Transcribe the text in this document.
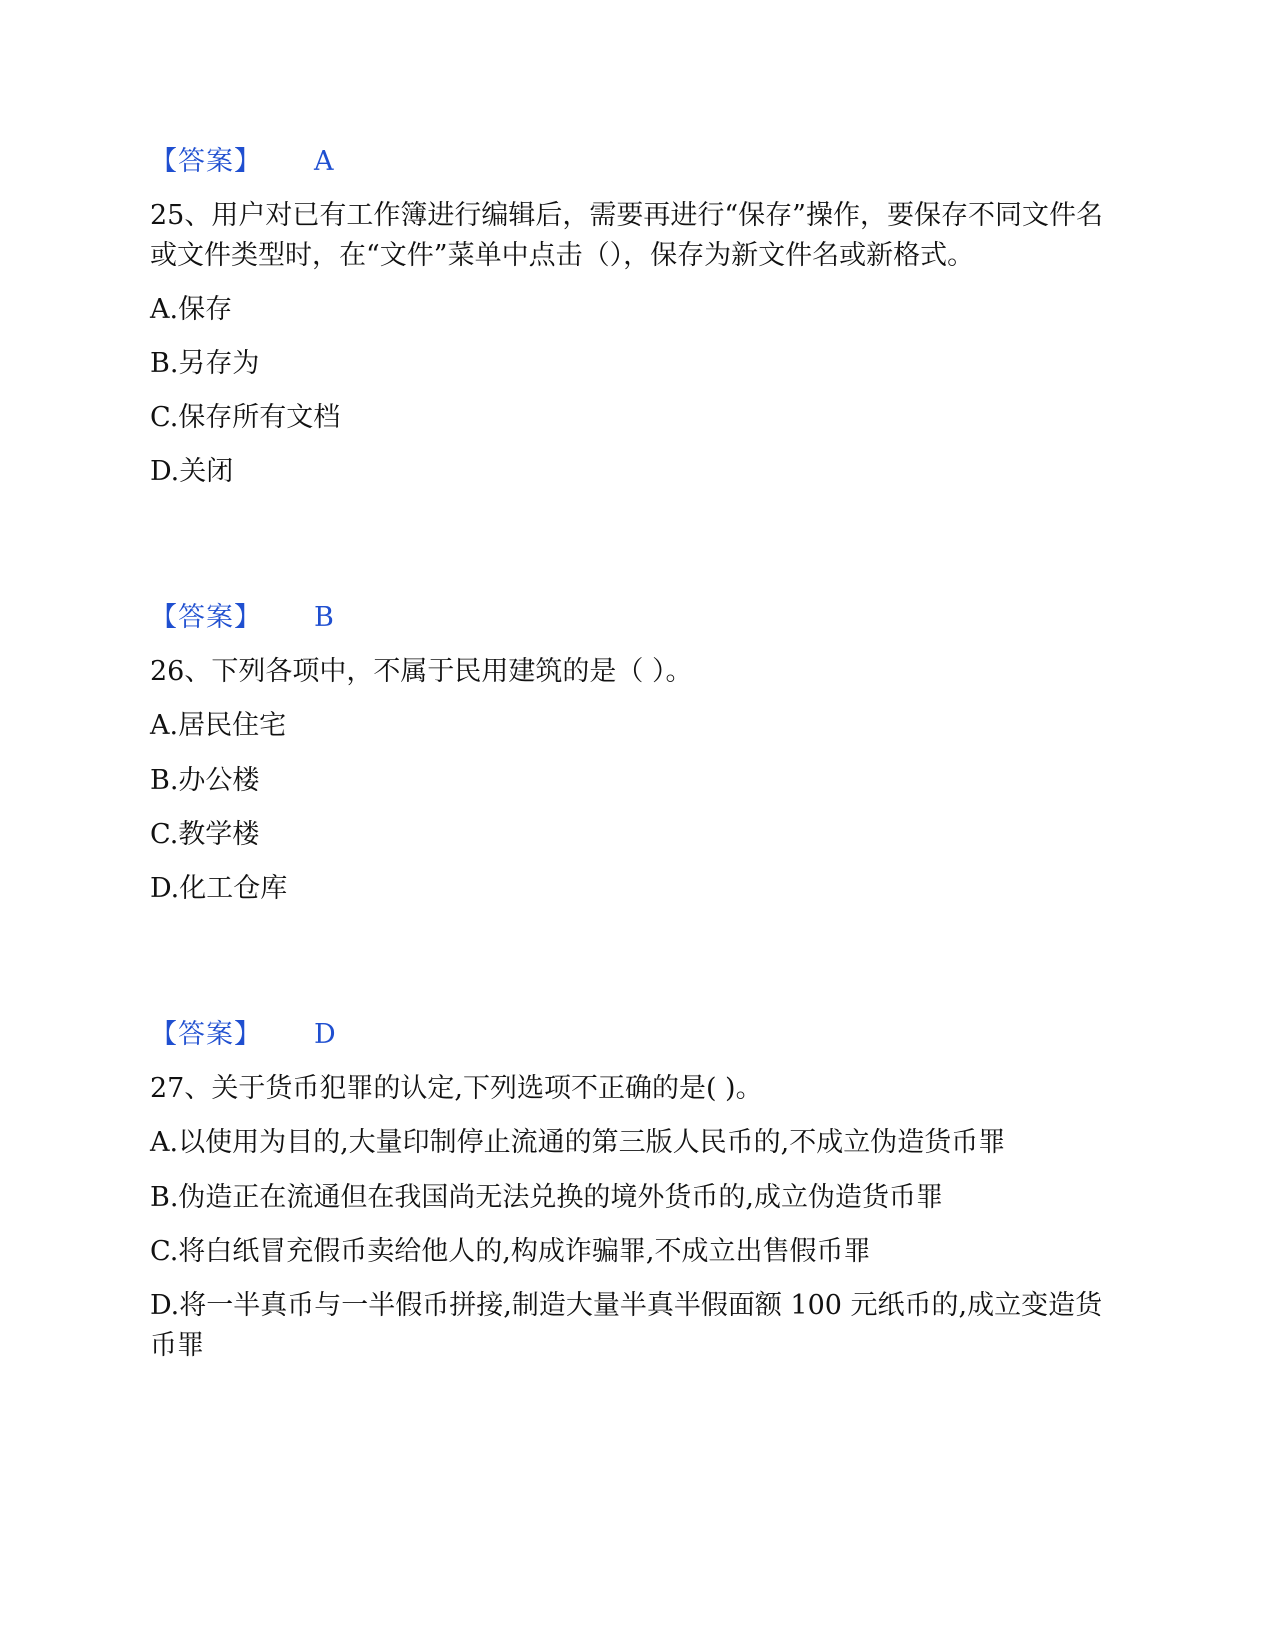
【答案】 A
25、用户对已有工作簿进行编辑后，需要再进行“保存”操作，要保存不同文件名或文件类型时，在“文件”菜单中点击（），保存为新文件名或新格式。
A.保存
B.另存为
C.保存所有文档
D.关闭
【答案】 B
26、下列各项中，不属于民用建筑的是（ ）。
A.居民住宅
B.办公楼
C.教学楼
D.化工仓库
【答案】 D
27、关于货币犯罪的认定,下列选项不正确的是( )。
A.以使用为目的,大量印制停止流通的第三版人民币的,不成立伪造货币罪
B.伪造正在流通但在我国尚无法兑换的境外货币的,成立伪造货币罪
C.将白纸冒充假币卖给他人的,构成诈骗罪,不成立出售假币罪
D.将一半真币与一半假币拼接,制造大量半真半假面额 100 元纸币的,成立变造货币罪
